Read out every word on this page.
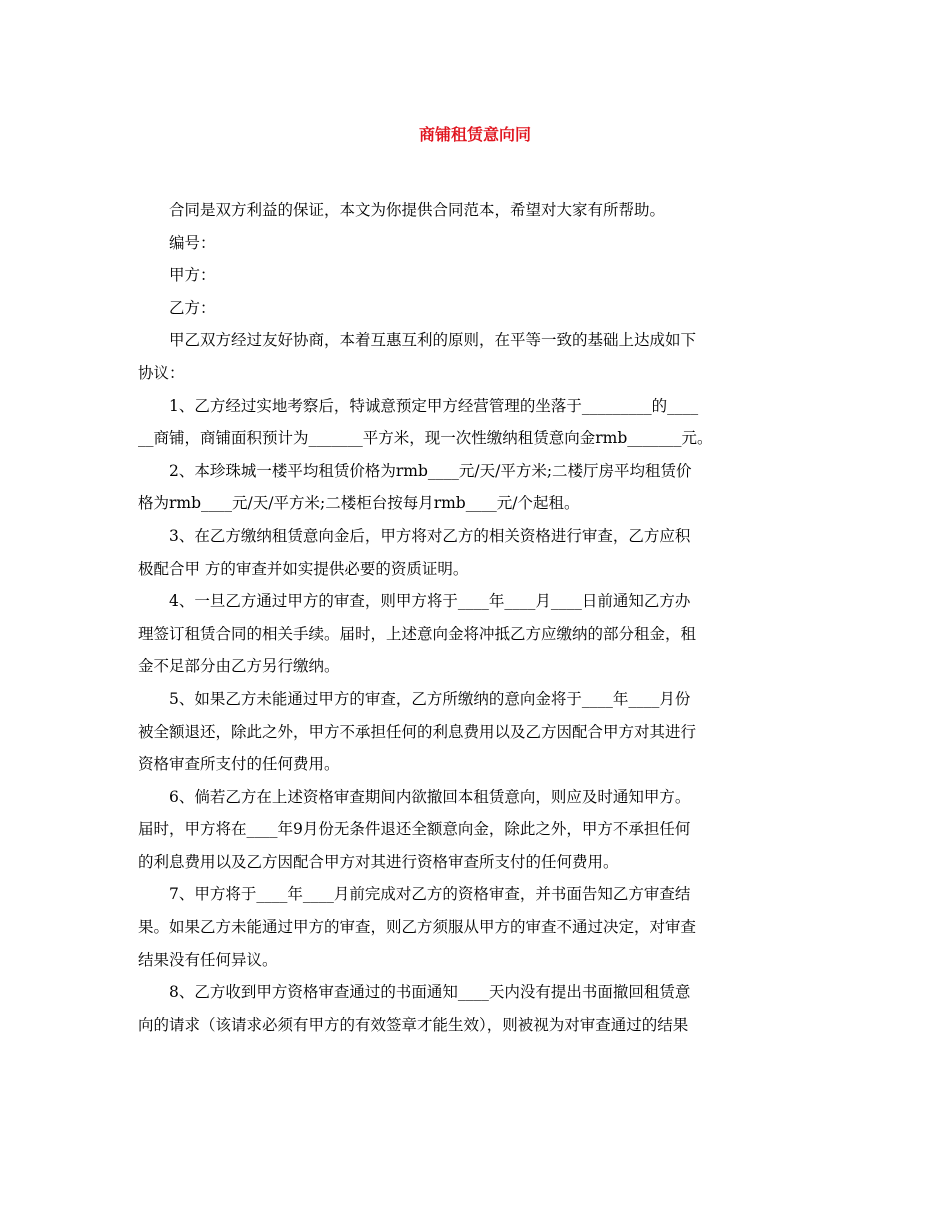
商铺租赁意向同
合同是双方利益的保证，本文为你提供合同范本，希望对大家有所帮助。
编号：
甲方：
乙方：
甲乙双方经过友好协商，本着互惠互利的原则，在平等一致的基础上达成如下
协议：
1、乙方经过实地考察后，特诚意预定甲方经营管理的坐落于_________的____
__商铺，商铺面积预计为_______平方米，现一次性缴纳租赁意向金rmb_______元。
2、本珍珠城一楼平均租赁价格为rmb____元/天/平方米;二楼厅房平均租赁价
格为rmb____元/天/平方米;二楼柜台按每月rmb____元/个起租。
3、在乙方缴纳租赁意向金后，甲方将对乙方的相关资格进行审查，乙方应积
极配合甲 方的审查并如实提供必要的资质证明。
4、一旦乙方通过甲方的审查，则甲方将于____年____月____日前通知乙方办
理签订租赁合同的相关手续。届时，上述意向金将冲抵乙方应缴纳的部分租金，租
金不足部分由乙方另行缴纳。
5、如果乙方未能通过甲方的审查，乙方所缴纳的意向金将于____年____月份
被全额退还，除此之外，甲方不承担任何的利息费用以及乙方因配合甲方对其进行
资格审查所支付的任何费用。
6、倘若乙方在上述资格审查期间内欲撤回本租赁意向，则应及时通知甲方。
届时，甲方将在____年9月份无条件退还全额意向金，除此之外，甲方不承担任何
的利息费用以及乙方因配合甲方对其进行资格审查所支付的任何费用。
7、甲方将于____年____月前完成对乙方的资格审查，并书面告知乙方审查结
果。如果乙方未能通过甲方的审查，则乙方须服从甲方的审查不通过决定，对审查
结果没有任何异议。
8、乙方收到甲方资格审查通过的书面通知____天内没有提出书面撤回租赁意
向的请求（该请求必须有甲方的有效签章才能生效），则被视为对审查通过的结果
